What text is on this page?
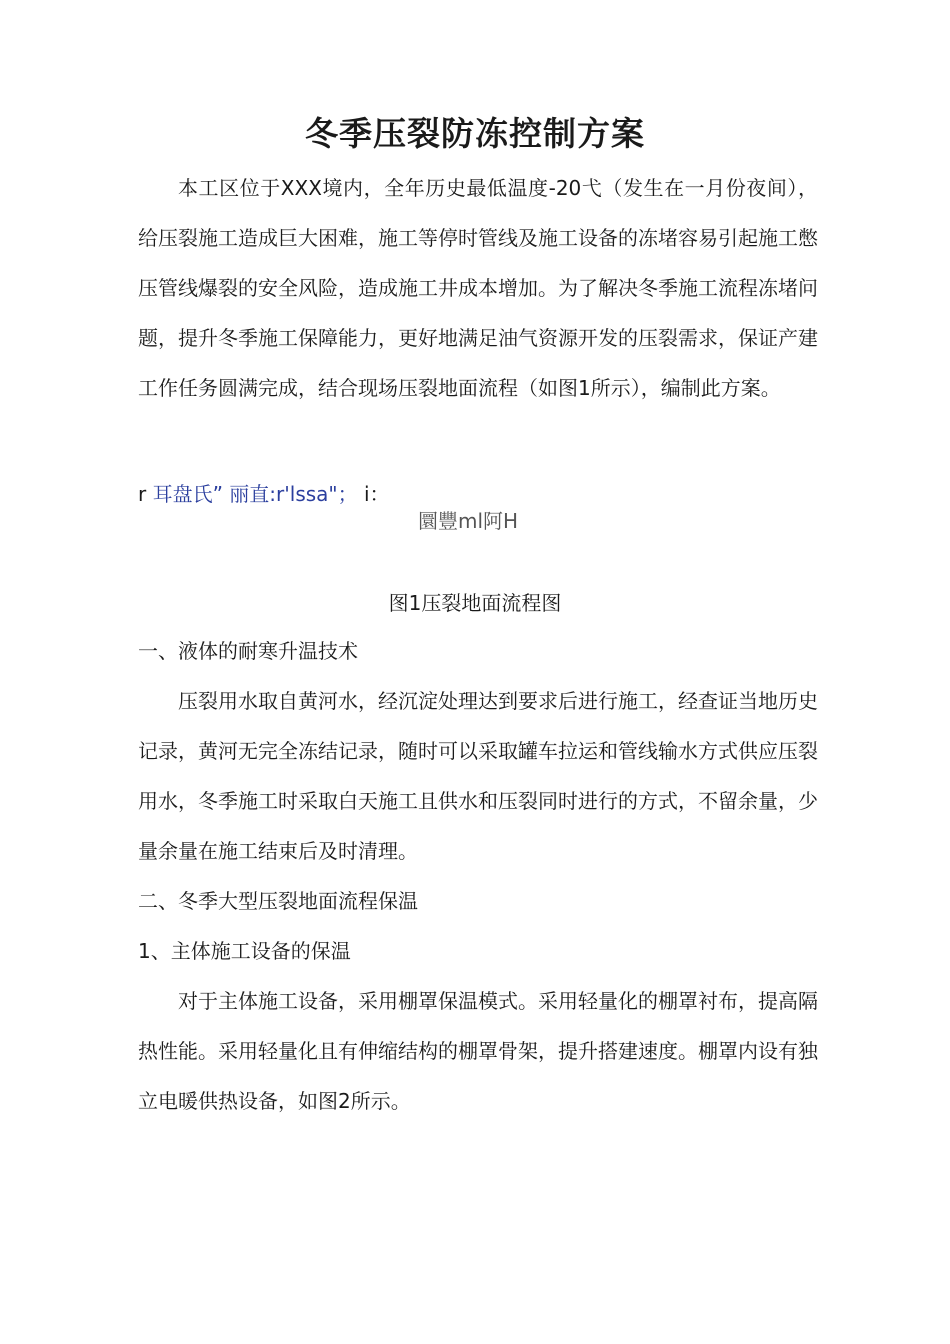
冬季压裂防冻控制方案

本工区位于XXX境内，全年历史最低温度-20弋（发生在一月份夜间），给压裂施工造成巨大困难，施工等停时管线及施工设备的冻堵容易引起施工憋压管线爆裂的安全风险，造成施工井成本增加。为了解决冬季施工流程冻堵问题，提升冬季施工保障能力，更好地满足油气资源开发的压裂需求，保证产建工作任务圆满完成，结合现场压裂地面流程（如图1所示），编制此方案。

r 耳盘氏” 丽直:r'lssa"； i：
圜豐ml阿H
图1压裂地面流程图
一、液体的耐寒升温技术

压裂用水取自黄河水，经沉淀处理达到要求后进行施工，经查证当地历史记录，黄河无完全冻结记录，随时可以采取罐车拉运和管线输水方式供应压裂用水，冬季施工时采取白天施工且供水和压裂同时进行的方式，不留余量，少量余量在施工结束后及时清理。

二、冬季大型压裂地面流程保温
1、主体施工设备的保温

对于主体施工设备，采用棚罩保温模式。采用轻量化的棚罩衬布，提高隔热性能。采用轻量化且有伸缩结构的棚罩骨架，提升搭建速度。棚罩内设有独立电暖供热设备，如图2所示。
